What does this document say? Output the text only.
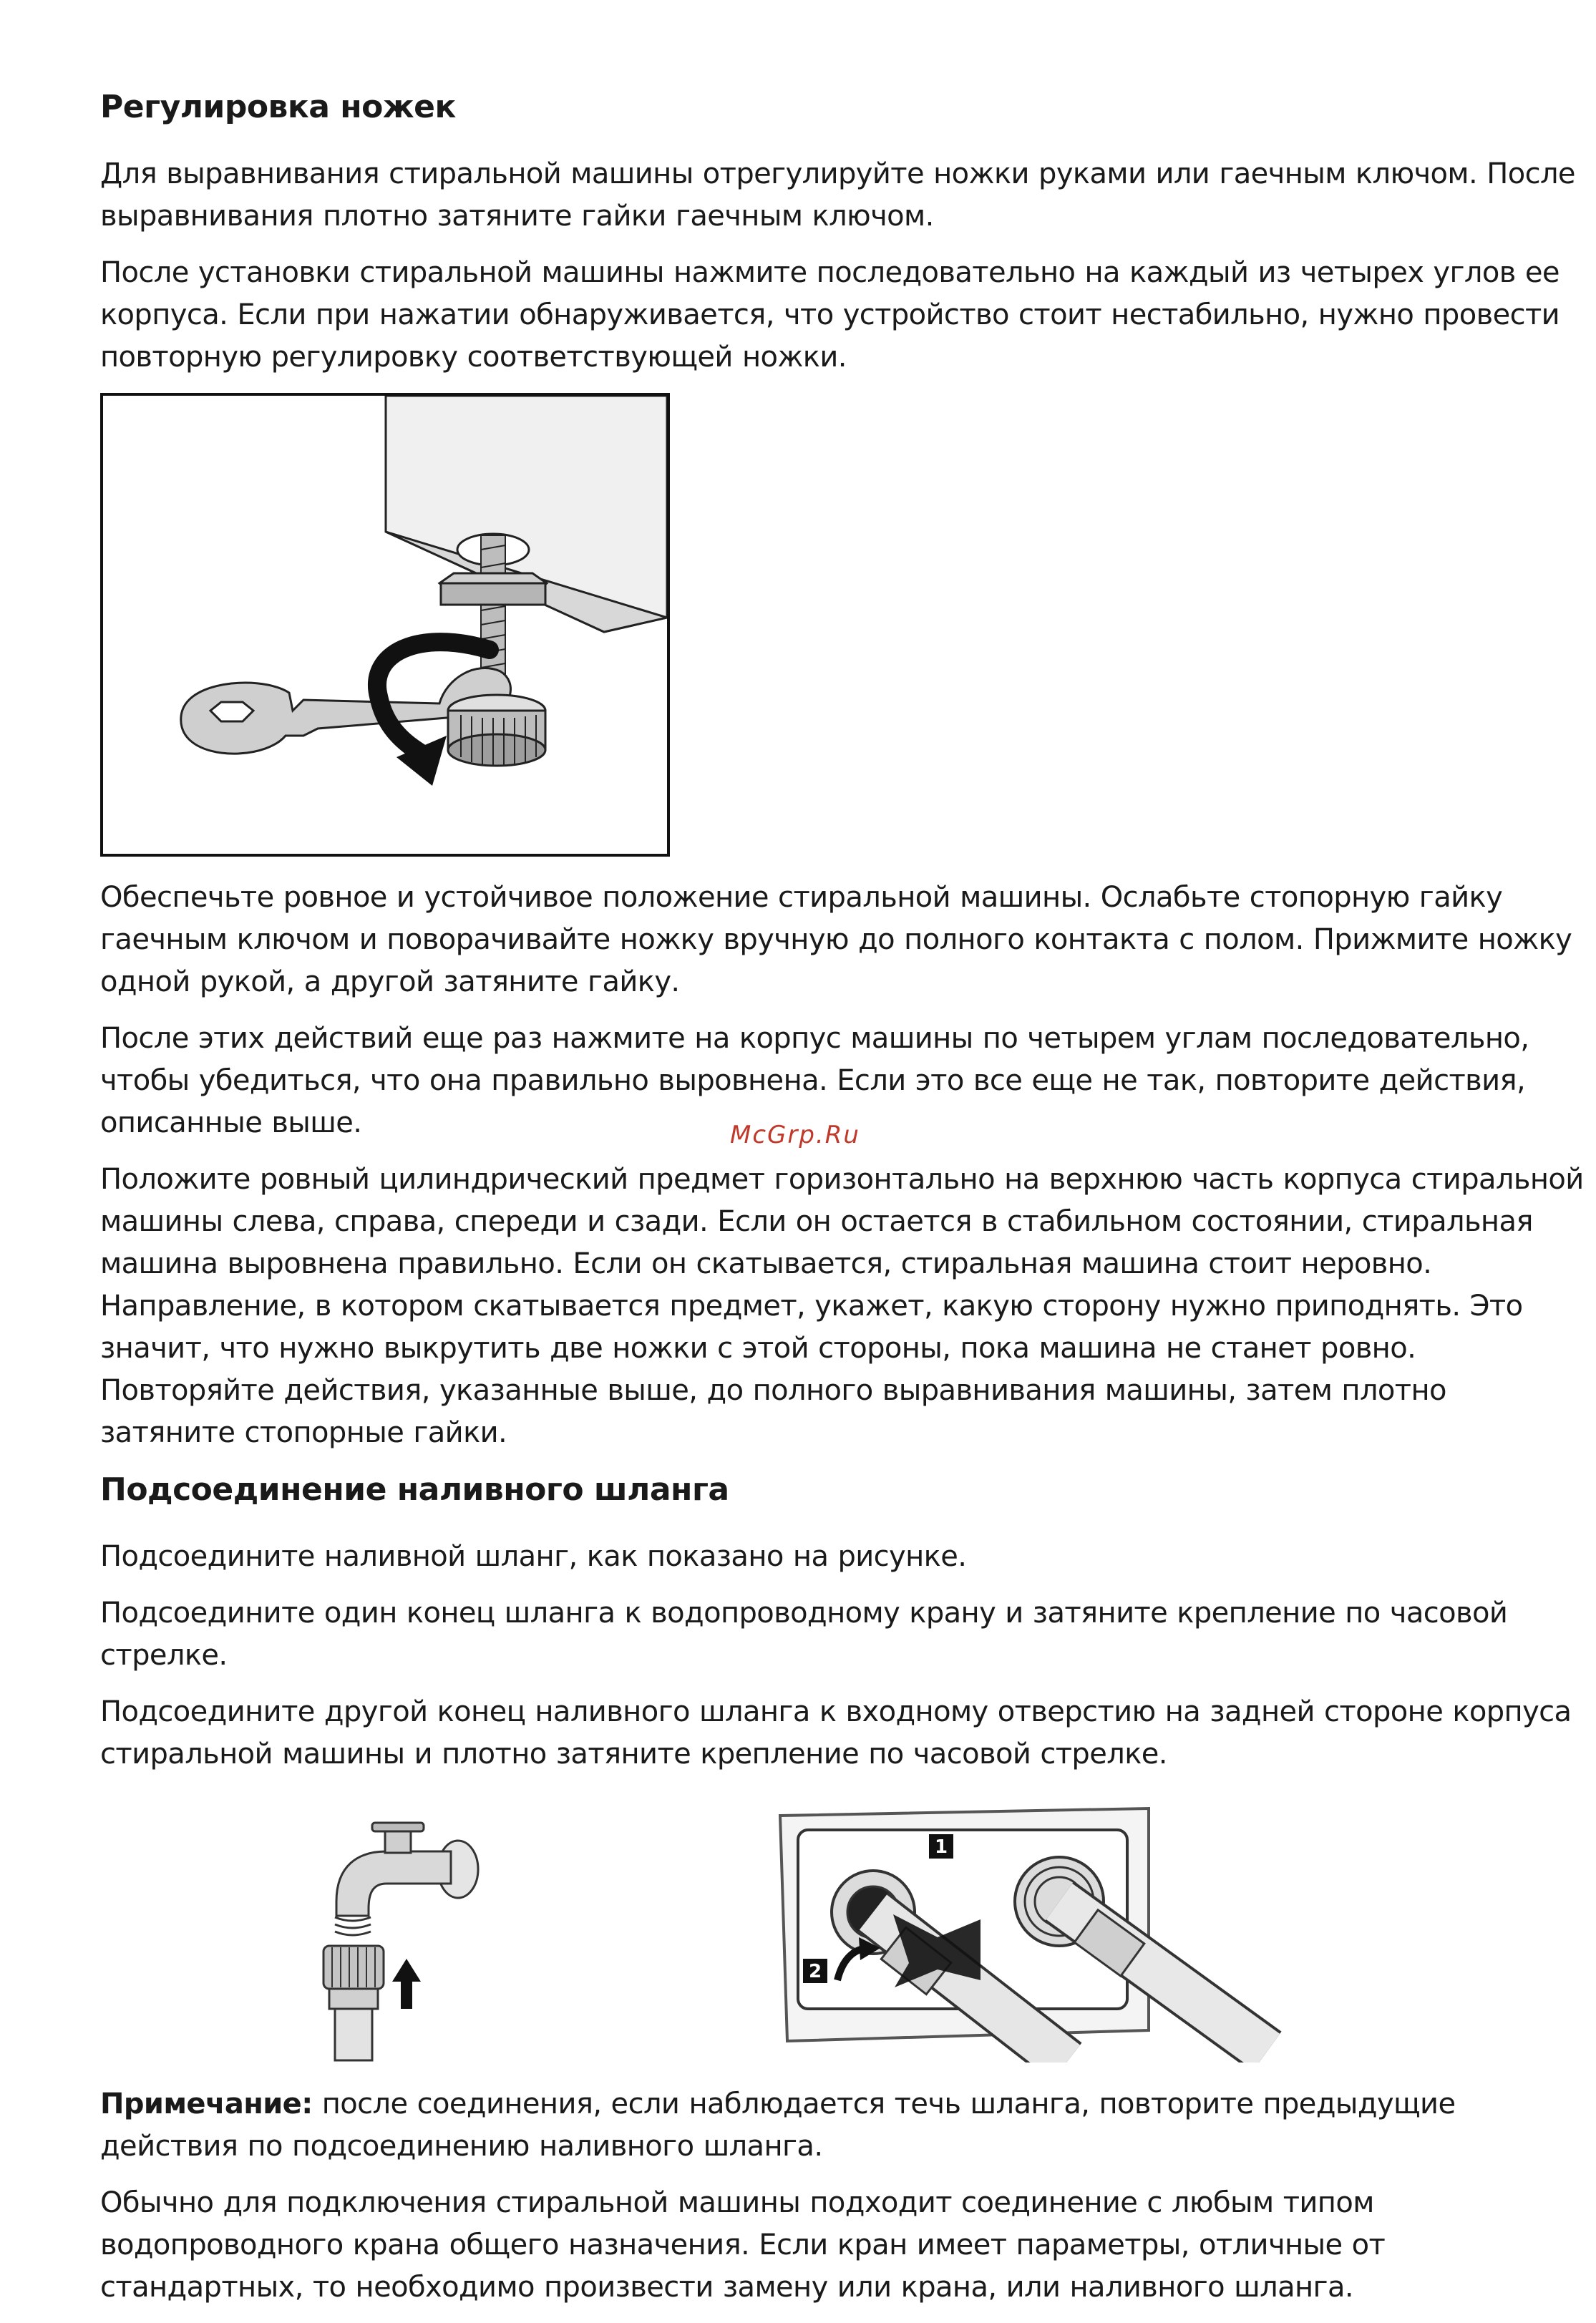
Регулировка ножек

Для выравнивания стиральной машины отрегулируйте ножки руками или гаечным ключом. После выравнивания плотно затяните гайки гаечным ключом.

После установки стиральной машины нажмите последовательно на каждый из четырех углов ее корпуса. Если при нажатии обнаруживается, что устройство стоит нестабильно, нужно провести повторную регулировку соответствующей ножки.

Обеспечьте ровное и устойчивое положение стиральной машины. Ослабьте стопорную гайку гаечным ключом и поворачивайте ножку вручную до полного контакта с полом. Прижмите ножку одной рукой, а другой затяните гайку.

После этих действий еще раз нажмите на корпус машины по четырем углам последовательно, чтобы убедиться, что она правильно выровнена. Если это все еще не так, повторите действия, описанные выше.

Положите ровный цилиндрический предмет горизонтально на верхнюю часть корпуса стиральной машины слева, справа, спереди и сзади. Если он остается в стабильном состоянии, стиральная машина выровнена правильно. Если он скатывается, стиральная машина стоит неровно. Направление, в котором скатывается предмет, укажет, какую сторону нужно приподнять. Это значит, что нужно выкрутить две ножки с этой стороны, пока машина не станет ровно. Повторяйте действия, указанные выше, до полного выравнивания машины, затем плотно затяните стопорные гайки.

Подсоединение наливного шланга

Подсоедините наливной шланг, как показано на рисунке.

Подсоедините один конец шланга к водопроводному крану и затяните крепление по часовой стрелке.

Подсоедините другой конец наливного шланга к входному отверстию на задней стороне корпуса стиральной машины и плотно затяните крепление по часовой стрелке.

1
2

Примечание: после соединения, если наблюдается течь шланга, повторите предыдущие действия по подсоединению наливного шланга.

Обычно для подключения стиральной машины подходит соединение с любым типом водопроводного крана общего назначения. Если кран имеет параметры, отличные от стандартных, то необходимо произвести замену или крана, или наливного шланга.

McGrp.Ru
